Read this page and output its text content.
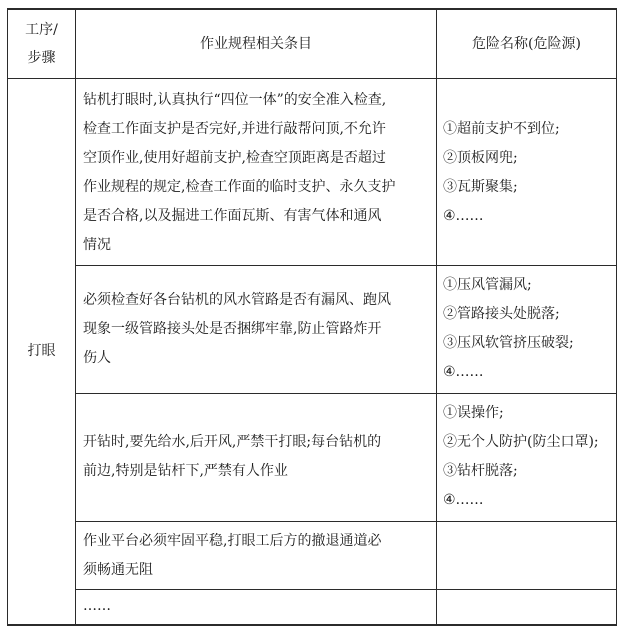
工序/
步骤
作业规程相关条目	危险名称(危险源)
打眼
钻机打眼时,认真执行“四位一体”的安全准入检查,
检查工作面支护是否完好,并进行敲帮问顶,不允许
空顶作业,使用好超前支护,检查空顶距离是否超过
作业规程的规定,检查工作面的临时支护、永久支护
是否合格,以及掘进工作面瓦斯、有害气体和通风
情况
①超前支护不到位;
②顶板网兜;
③瓦斯聚集;
④……
必须检查好各台钻机的风水管路是否有漏风、跑风
现象一级管路接头处是否捆绑牢靠,防止管路炸开
伤人
①压风管漏风;
②管路接头处脱落;
③压风软管挤压破裂;
④……
开钻时,要先给水,后开风,严禁干打眼;每台钻机的
前边,特别是钻杆下,严禁有人作业
①误操作;
②无个人防护(防尘口罩);
③钻杆脱落;
④……
作业平台必须牢固平稳,打眼工后方的撤退通道必
须畅通无阻
……
